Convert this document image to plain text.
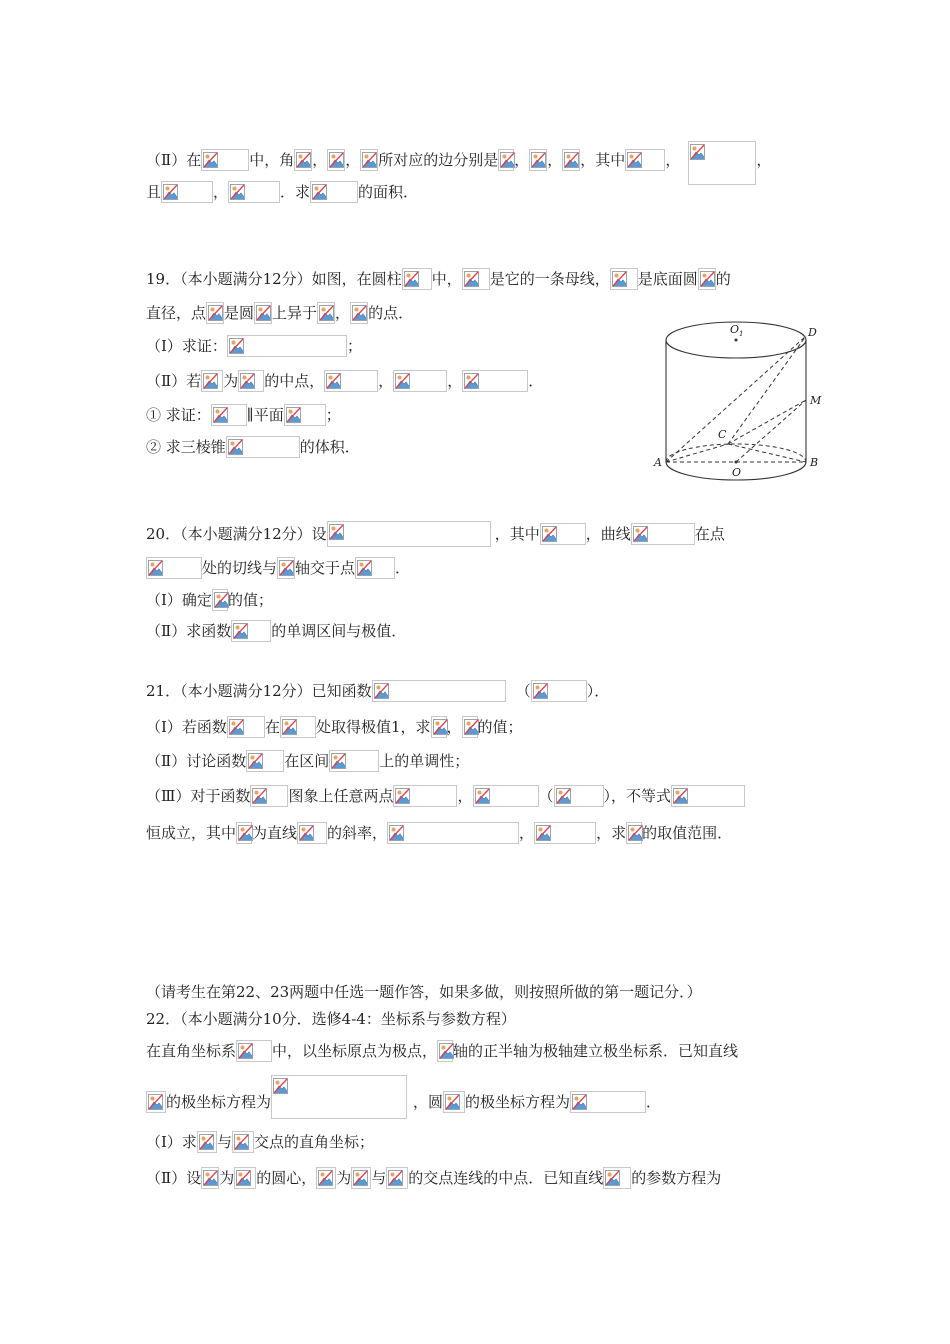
（Ⅱ）在	中，角 ， ， 所对应的边分别是 ， ， ，其中	，	，
且	，	．求	的面积．
19．（本小题满分12分）如图，在圆柱 中， 是它的一条母线， 是底面圆 的
直径，点 是圆 上异于 ， 的点．
（Ⅰ）求证：	；
（Ⅱ）若 为 的中点，	，	，	．
① 求证： ∥平面	；
② 求三棱锥	的体积．
$O_1$	D
M
C
A
O
B
20．（本小题满分12分）设	，其中	，曲线	在点
处的切线与 轴交于点	．
（Ⅰ）确定 的值；
（Ⅱ）求函数	的单调区间与极值．
21．（本小题满分12分）已知函数	（	）．
（Ⅰ）若函数	在 处取得极值1，求 ， 的值；
（Ⅱ）讨论函数	在区间	上的单调性；
（Ⅲ）对于函数	图象上任意两点	，	（	），不等式
恒成立，其中 为直线 的斜率，	，	，求 的取值范围．
（请考生在第22、23两题中任选一题作答，如果多做，则按照所做的第一题记分．）
22．（本小题满分10分．选修4-4：坐标系与参数方程）
在直角坐标系 中，以坐标原点为极点， 轴的正半轴为极轴建立极坐标系．已知直线
的极坐标方程为	，圆 的极坐标方程为	．
（Ⅰ）求 与 交点的直角坐标；
（Ⅱ）设 为 的圆心， 为 与 的交点连线的中点．已知直线 的参数方程为
